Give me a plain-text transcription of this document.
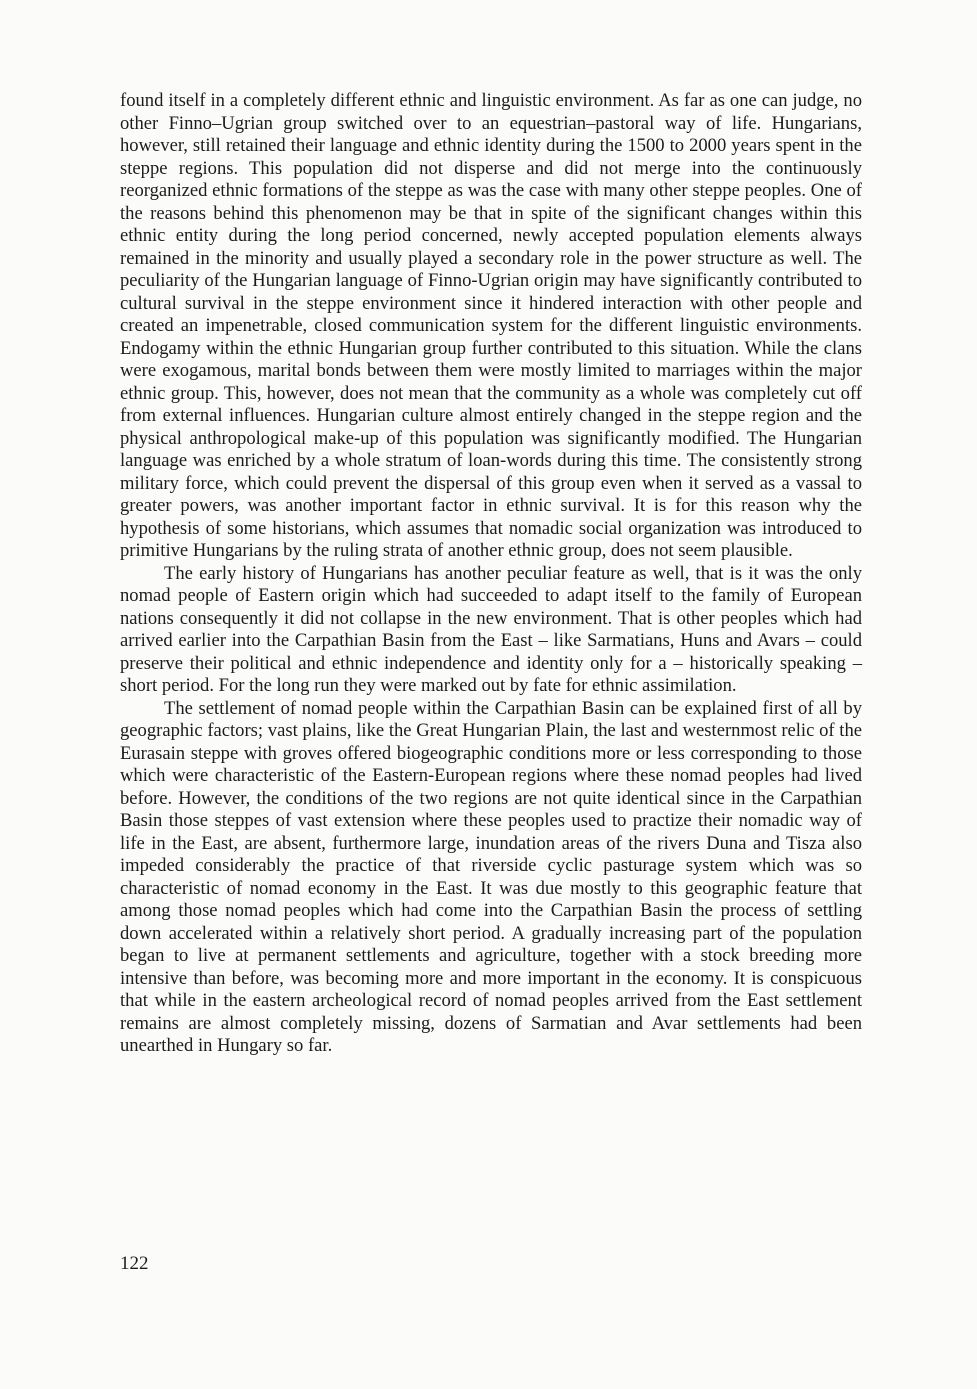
found itself in a completely different ethnic and linguistic environment. As far as one can judge, no other Finno–Ugrian group switched over to an equestrian–pastoral way of life. Hungarians, however, still retained their language and ethnic identity during the 1500 to 2000 years spent in the steppe regions. This population did not disperse and did not merge into the continuously reorganized ethnic formations of the steppe as was the case with many other steppe peoples. One of the reasons behind this phenomenon may be that in spite of the significant changes within this ethnic entity during the long period concerned, newly accepted population elements always remained in the minority and usually played a secondary role in the power structure as well. The peculiarity of the Hungarian language of Finno-Ugrian origin may have significantly contributed to cultural survival in the steppe environment since it hindered interaction with other people and created an impenetrable, closed communication system for the different linguistic environments. Endogamy within the ethnic Hungarian group further contributed to this situation. While the clans were exogamous, marital bonds between them were mostly limited to marriages within the major ethnic group. This, however, does not mean that the community as a whole was completely cut off from external influences. Hungarian culture almost entirely changed in the steppe region and the physical anthropological make-up of this population was significantly modified. The Hungarian language was enriched by a whole stratum of loan-words during this time. The consistently strong military force, which could prevent the dispersal of this group even when it served as a vassal to greater powers, was another important factor in ethnic survival. It is for this reason why the hypothesis of some historians, which assumes that nomadic social organization was introduced to primitive Hungarians by the ruling strata of another ethnic group, does not seem plausible.

The early history of Hungarians has another peculiar feature as well, that is it was the only nomad people of Eastern origin which had succeeded to adapt itself to the family of European nations consequently it did not collapse in the new environment. That is other peoples which had arrived earlier into the Carpathian Basin from the East – like Sarmatians, Huns and Avars – could preserve their political and ethnic independence and identity only for a – historically speaking – short period. For the long run they were marked out by fate for ethnic assimilation.

The settlement of nomad people within the Carpathian Basin can be explained first of all by geographic factors; vast plains, like the Great Hungarian Plain, the last and westernmost relic of the Eurasain steppe with groves offered biogeographic conditions more or less corresponding to those which were characteristic of the Eastern-European regions where these nomad peoples had lived before. However, the conditions of the two regions are not quite identical since in the Carpathian Basin those steppes of vast extension where these peoples used to practize their nomadic way of life in the East, are absent, furthermore large, inundation areas of the rivers Duna and Tisza also impeded considerably the practice of that riverside cyclic pasturage system which was so characteristic of nomad economy in the East. It was due mostly to this geographic feature that among those nomad peoples which had come into the Carpathian Basin the process of settling down accelerated within a relatively short period. A gradually increasing part of the population began to live at permanent settlements and agriculture, together with a stock breeding more intensive than before, was becoming more and more important in the economy. It is conspicuous that while in the eastern archeological record of nomad peoples arrived from the East settlement remains are almost completely missing, dozens of Sarmatian and Avar settlements had been unearthed in Hungary so far.

122
